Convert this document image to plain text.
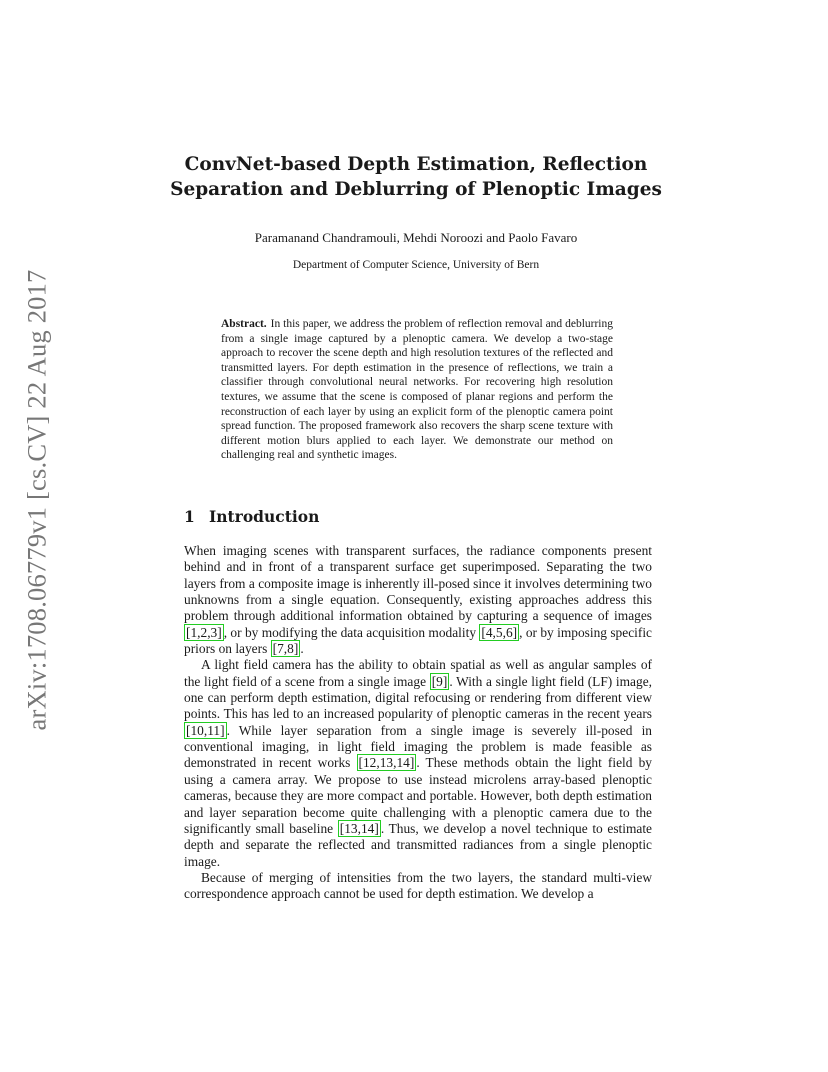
arXiv:1708.06779v1 [cs.CV] 22 Aug 2017
ConvNet-based Depth Estimation, Reflection
Separation and Deblurring of Plenoptic Images
Paramanand Chandramouli, Mehdi Noroozi and Paolo Favaro
Department of Computer Science, University of Bern

Abstract. In this paper, we address the problem of reflection removal and deblurring from a single image captured by a plenoptic camera. We develop a two-stage approach to recover the scene depth and high resolution textures of the reflected and transmitted layers. For depth estimation in the presence of reflections, we train a classifier through convolutional neural networks. For recovering high resolution textures, we assume that the scene is composed of planar regions and perform the reconstruction of each layer by using an explicit form of the plenoptic camera point spread function. The proposed framework also recovers the sharp scene texture with different motion blurs applied to each layer. We demonstrate our method on challenging real and synthetic images.

1 Introduction

When imaging scenes with transparent surfaces, the radiance components present behind and in front of a transparent surface get superimposed. Separating the two layers from a composite image is inherently ill-posed since it involves determining two unknowns from a single equation. Consequently, existing approaches address this problem through additional information obtained by capturing a sequence of images [1,2,3] , or by modifying the data acquisition modality [4,5,6] , or by imposing specific priors on layers [7,8] .

A light field camera has the ability to obtain spatial as well as angular samples of the light field of a scene from a single image [9] . With a single light field (LF) image, one can perform depth estimation, digital refocusing or rendering from different view points. This has led to an increased popularity of plenoptic cameras in the recent years [10,11] . While layer separation from a single image is severely ill-posed in conventional imaging, in light field imaging the problem is made feasible as demonstrated in recent works [12,13,14] . These methods obtain the light field by using a camera array. We propose to use instead microlens array-based plenoptic cameras, because they are more compact and portable. However, both depth estimation and layer separation become quite challenging with a plenoptic camera due to the significantly small baseline [13,14] . Thus, we develop a novel technique to estimate depth and separate the reflected and transmitted radiances from a single plenoptic image.

Because of merging of intensities from the two layers, the standard multi-view correspondence approach cannot be used for depth estimation. We develop a
